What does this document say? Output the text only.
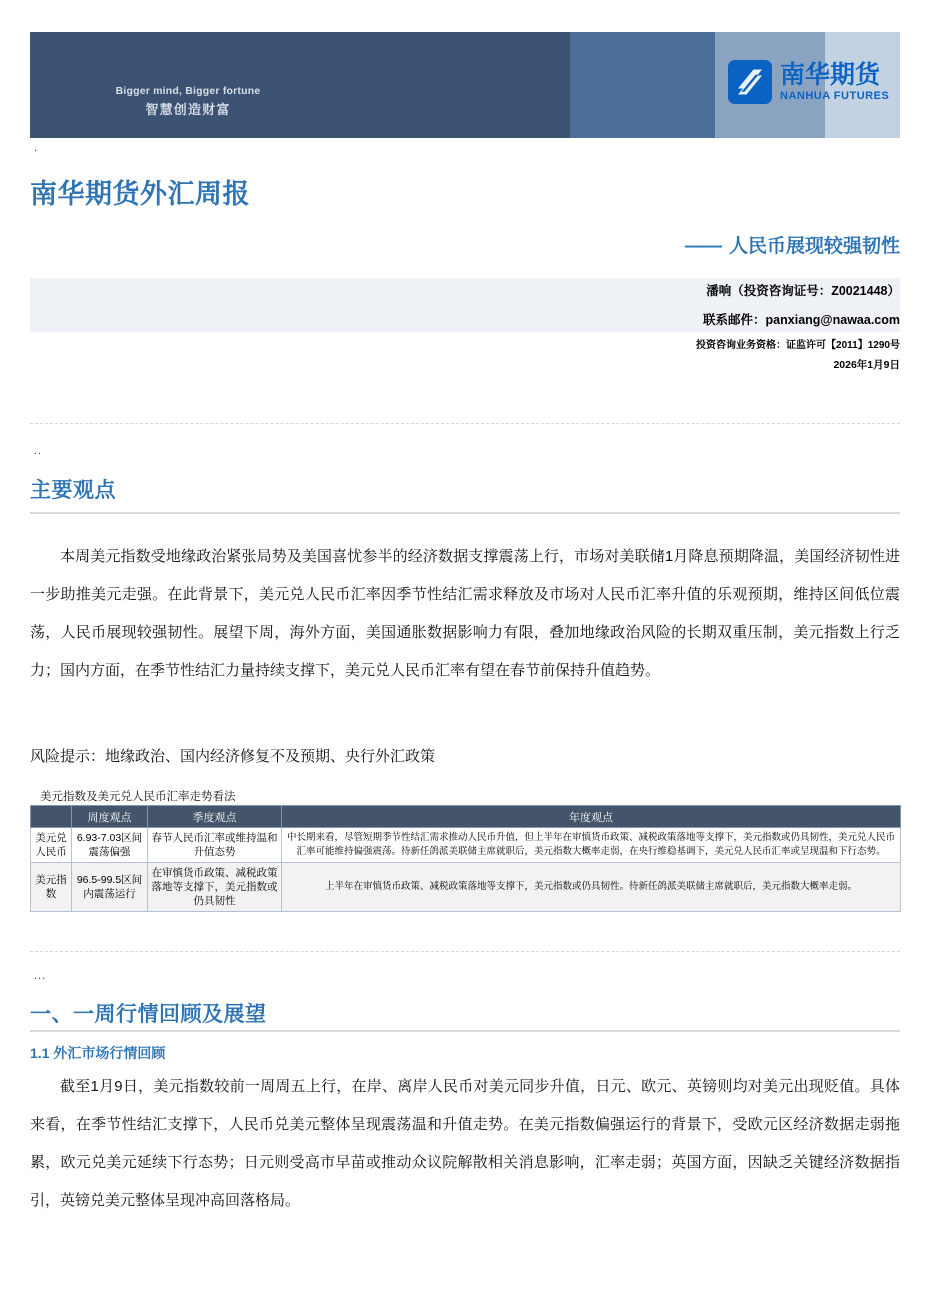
Bigger mind, Bigger fortune
智慧创造财富
南华期货
NANHUA FUTURES
.
南华期货外汇周报
—— 人民币展现较强韧性
潘响（投资咨询证号：Z0021448）
联系邮件：panxiang@nawaa.com
投资咨询业务资格：证监许可【2011】1290号
2026年1月9日
..
主要观点
本周美元指数受地缘政治紧张局势及美国喜忧参半的经济数据支撑震荡上行，市场对美联储1月降息预期降温，美国经济韧性进一步助推美元走强。在此背景下，美元兑人民币汇率因季节性结汇需求释放及市场对人民币汇率升值的乐观预期，维持区间低位震荡，人民币展现较强韧性。展望下周，海外方面，美国通胀数据影响力有限，叠加地缘政治风险的长期双重压制，美元指数上行乏力；国内方面，在季节性结汇力量持续支撑下，美元兑人民币汇率有望在春节前保持升值趋势。
风险提示：地缘政治、国内经济修复不及预期、央行外汇政策
美元指数及美元兑人民币汇率走势看法
	周度观点	季度观点	年度观点
美元兑人民币	6.93-7.03区间震荡偏强	春节人民币汇率或维持温和升值态势	中长期来看，尽管短期季节性结汇需求推动人民币升值，但上半年在审慎货币政策、减税政策落地等支撑下，美元指数或仍具韧性，美元兑人民币汇率可能维持偏强震荡。待新任鸽派美联储主席就职后，美元指数大概率走弱，在央行维稳基调下，美元兑人民币汇率或呈现温和下行态势。
美元指数	96.5-99.5区间内震荡运行	在审慎货币政策、减税政策落地等支撑下，美元指数或仍具韧性	上半年在审慎货币政策、减税政策落地等支撑下，美元指数或仍具韧性。待新任鸽派美联储主席就职后，美元指数大概率走弱。
...
一、一周行情回顾及展望
1.1 外汇市场行情回顾
截至1月9日，美元指数较前一周周五上行，在岸、离岸人民币对美元同步升值，日元、欧元、英镑则均对美元出现贬值。具体来看，在季节性结汇支撑下，人民币兑美元整体呈现震荡温和升值走势。在美元指数偏强运行的背景下，受欧元区经济数据走弱拖累，欧元兑美元延续下行态势；日元则受高市早苗或推动众议院解散相关消息影响，汇率走弱；英国方面，因缺乏关键经济数据指引，英镑兑美元整体呈现冲高回落格局。
